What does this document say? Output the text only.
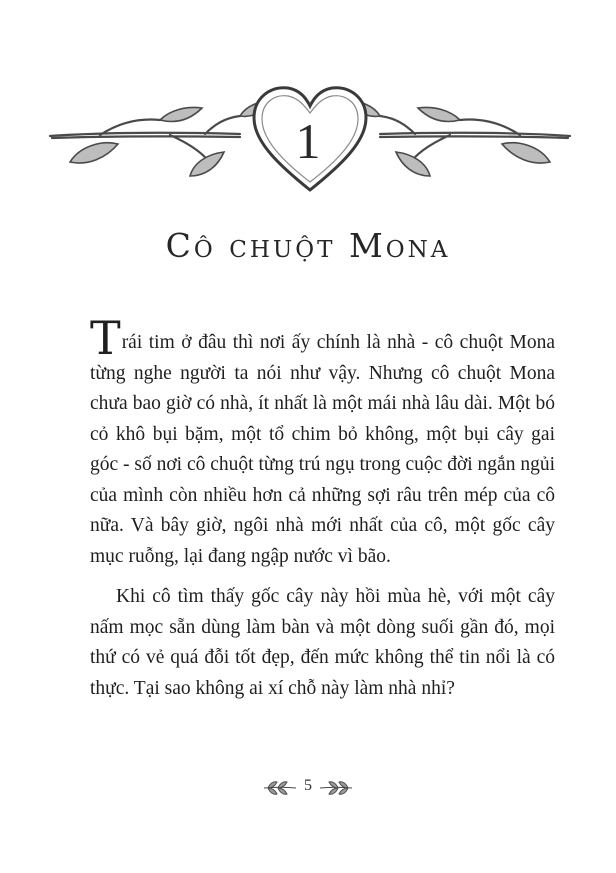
1
Cô chuột Mona

Trái tim ở đâu thì nơi ấy chính là nhà - cô chuột Mona từng nghe người ta nói như vậy. Nhưng cô chuột Mona chưa bao giờ có nhà, ít nhất là một mái nhà lâu dài. Một bó cỏ khô bụi bặm, một tổ chim bỏ không, một bụi cây gai góc - số nơi cô chuột từng trú ngụ trong cuộc đời ngắn ngủi của mình còn nhiều hơn cả những sợi râu trên mép của cô nữa. Và bây giờ, ngôi nhà mới nhất của cô, một gốc cây mục ruỗng, lại đang ngập nước vì bão.

Khi cô tìm thấy gốc cây này hồi mùa hè, với một cây nấm mọc sẵn dùng làm bàn và một dòng suối gần đó, mọi thứ có vẻ quá đỗi tốt đẹp, đến mức không thể tin nổi là có thực. Tại sao không ai xí chỗ này làm nhà nhỉ?

5
